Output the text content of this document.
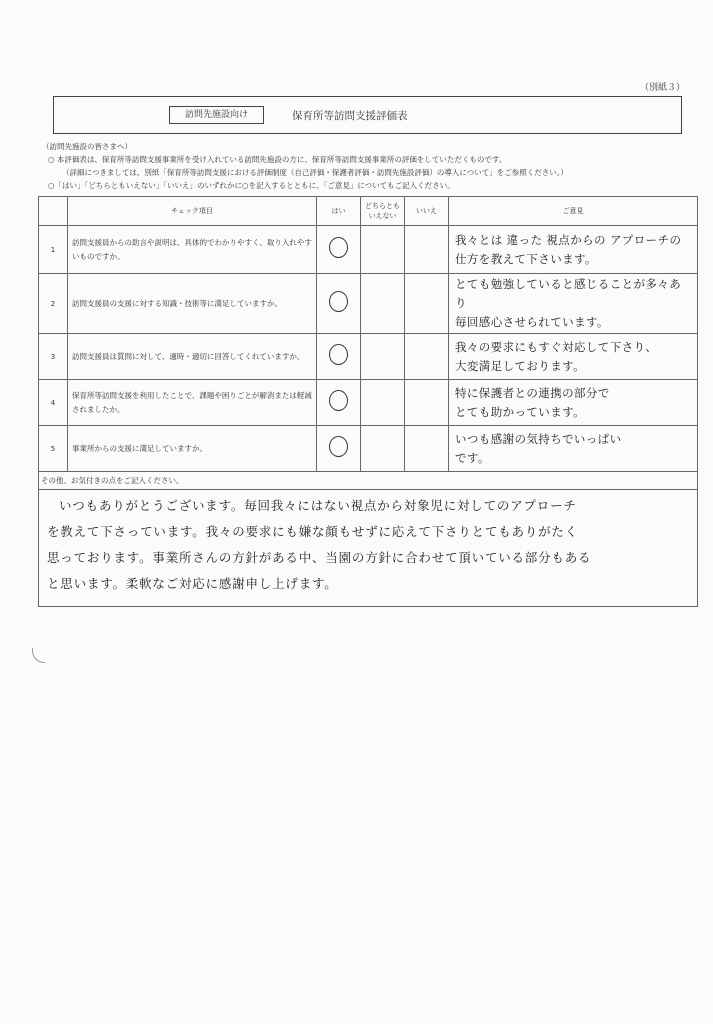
（別紙３）
訪問先施設向け	保育所等訪問支援評価表
（訪問先施設の皆さまへ）
○ 本評価表は、保育所等訪問支援事業所を受け入れている訪問先施設の方に、保育所等訪問支援事業所の評価をしていただくものです。
（詳細につきましては、別紙「保育所等訪問支援における評価制度（自己評価・保護者評価・訪問先施設評価）の導入について」をご参照ください。）
○「はい」「どちらともいえない」「いいえ」のいずれかに○を記入するとともに、「ご意見」についてもご記入ください。
	チェック項目	はい	どちらとも
いえない	いいえ	ご意見
1	訪問支援員からの助言や説明は、具体的でわかりやすく、取り入れやすいものですか。				我々とは 違った 視点からの アプローチの
仕方を教えて下さいます。

2	訪問支援員の支援に対する知識・技術等に満足していますか。				とても勉強していると感じることが多々あり
毎回感心させられています。

3	訪問支援員は質問に対して、適時・適切に回答してくれていますか。				我々の要求にもすぐ対応して下さり、
大変満足しております。

4	保育所等訪問支援を利用したことで、課題や困りごとが解消または軽減されましたか。				特に保護者との連携の部分で
とても助かっています。

5	事業所からの支援に満足していますか。				いつも感謝の気持ちでいっぱい
です。

その他、お気付きの点をご記入ください。					

いつもありがとうございます。毎回我々にはない視点から対象児に対してのアプローチ
を教えて下さっています。我々の要求にも嫌な顔もせずに応えて下さりとてもありがたく
思っております。事業所さんの方針がある中、当園の方針に合わせて頂いている部分もある
と思います。柔軟なご対応に感謝申し上げます。					
